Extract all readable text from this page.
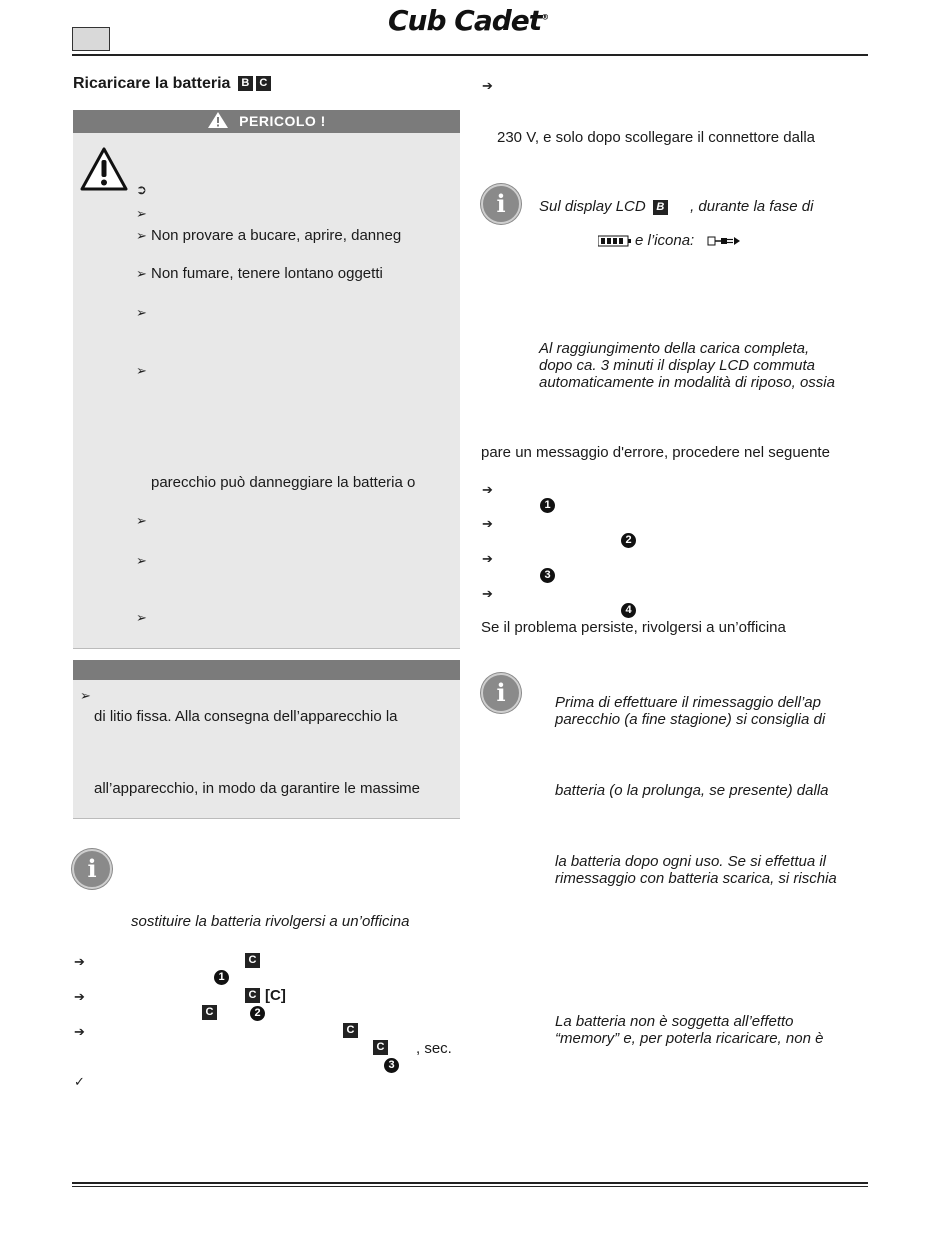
Cub Cadet®
Ricaricare la batteria B C
PERICOLO !
➲
➢
➢ Non provare a bucare, aprire, danneg
➢ Non fumare, tenere lontano oggetti
➢
➢
parecchio può danneggiare la batteria o
➢
➢
➢
➢
di litio fissa. Alla consegna dell’apparecchio la
all’apparecchio, in modo da garantire le massime
i
sostituire la batteria rivolgersi a un’officina
➔	C
1
➔	C [C]
C	2
➔	C
C , sec.
3
✓
➔
230 V, e solo dopo scollegare il connettore dalla
i	Sul display LCD B , durante la fase di
e l’icona:
Al raggiungimento della carica completa,
dopo ca. 3 minuti il display LCD commuta
automaticamente in modalità di riposo, ossia
pare un messaggio d'errore, procedere nel seguente
➔
1
➔
2
➔
3
➔
4
Se il problema persiste, rivolgersi a un’officina
i	Prima di effettuare il rimessaggio dell’ap
parecchio (a fine stagione) si consiglia di
batteria (o la prolunga, se presente) dalla
la batteria dopo ogni uso. Se si effettua il
rimessaggio con batteria scarica, si rischia
La batteria non è soggetta all’effetto
“memory” e, per poterla ricaricare, non è
